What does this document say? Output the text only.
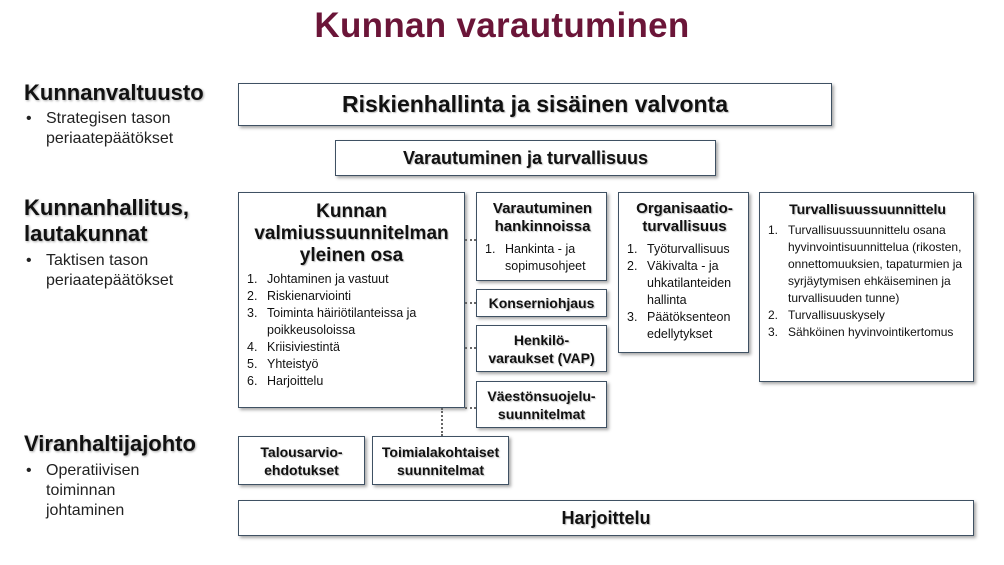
Kunnan varautuminen
Kunnanvaltuusto
• Strategisen tason
periaatepäätökset
Kunnanhallitus,
lautakunnat
• Taktisen tason
periaatepäätökset
Viranhaltijajohto
• Operatiivisen
toiminnan
johtaminen
Riskienhallinta ja sisäinen valvonta
Varautuminen ja turvallisuus
Kunnan
valmiussuunnitelman
yleinen osa
1. Johtaminen ja vastuut
2. Riskienarviointi
3. Toiminta häiriötilanteissa ja poikkeusoloissa
4. Kriisiviestintä
5. Yhteistyö
6. Harjoittelu
Varautuminen
hankinnoissa
1. Hankinta - ja sopimusohjeet
Konserniohjaus
Henkilö-
varaukset (VAP)
Väestönsuojelu-
suunnitelmat
Organisaatio-
turvallisuus
1. Työturvallisuus
2. Väkivalta - ja uhkatilanteiden hallinta
3. Päätöksenteon edellytykset
Turvallisuussuunnittelu
1. Turvallisuussuunnittelu osana hyvinvointisuunnittelua (rikosten, onnettomuuksien, tapaturmien ja syrjäytymisen ehkäiseminen ja turvallisuuden tunne)
2. Turvallisuuskysely
3. Sähköinen hyvinvointikertomus
Talousarvio-
ehdotukset
Toimialakohtaiset
suunnitelmat
Harjoittelu
